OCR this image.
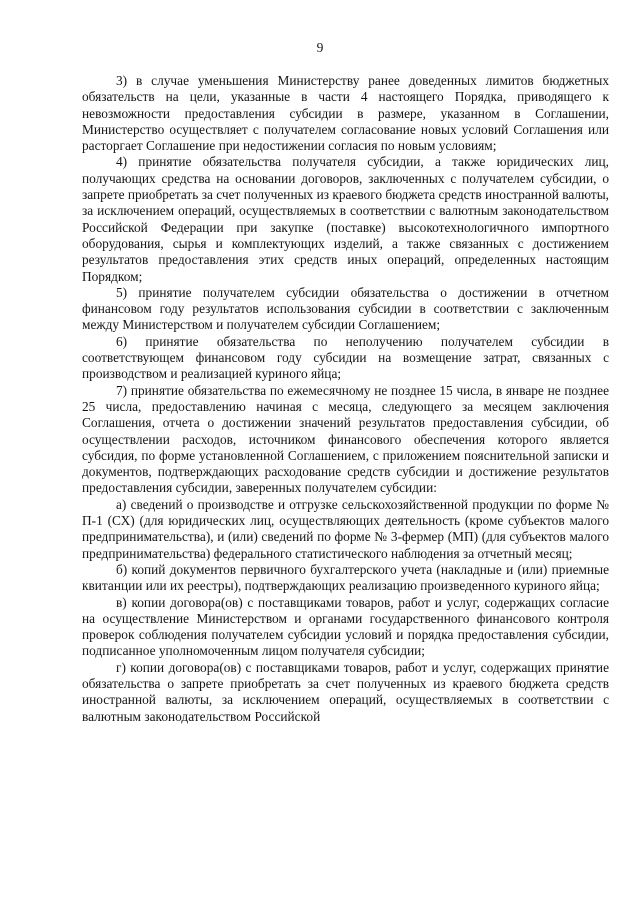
9

3) в случае уменьшения Министерству ранее доведенных лимитов бюджетных обязательств на цели, указанные в части 4 настоящего Порядка, приводящего к невозможности предоставления субсидии в размере, указанном в Соглашении, Министерство осуществляет с получателем согласование новых условий Соглашения или расторгает Соглашение при недостижении согласия по новым условиям;

4) принятие обязательства получателя субсидии, а также юридических лиц, получающих средства на основании договоров, заключенных с получателем субсидии, о запрете приобретать за счет полученных из краевого бюджета средств иностранной валюты, за исключением операций, осуществляемых в соответствии с валютным законодательством Российской Федерации при закупке (поставке) высокотехнологичного импортного оборудования, сырья и комплектующих изделий, а также связанных с достижением результатов предоставления этих средств иных операций, определенных настоящим Порядком;

5) принятие получателем субсидии обязательства о достижении в отчетном финансовом году результатов использования субсидии в соответствии с заключенным между Министерством и получателем субсидии Соглашением;

6) принятие обязательства по неполучению получателем субсидии в соответствующем финансовом году субсидии на возмещение затрат, связанных с производством и реализацией куриного яйца;

7) принятие обязательства по ежемесячному не позднее 15 числа, в январе не позднее 25 числа, предоставлению начиная с месяца, следующего за месяцем заключения Соглашения, отчета о достижении значений результатов предоставления субсидии, об осуществлении расходов, источником финансового обеспечения которого является субсидия, по форме установленной Соглашением, с приложением пояснительной записки и документов, подтверждающих расходование средств субсидии и достижение результатов предоставления субсидии, заверенных получателем субсидии:

а) сведений о производстве и отгрузке сельскохозяйственной продукции по форме № П-1 (СХ) (для юридических лиц, осуществляющих деятельность (кроме субъектов малого предпринимательства), и (или) сведений по форме № 3-фермер (МП) (для субъектов малого предпринимательства) федерального статистического наблюдения за отчетный месяц;

б) копий документов первичного бухгалтерского учета (накладные и (или) приемные квитанции или их реестры), подтверждающих реализацию произведенного куриного яйца;

в) копии договора(ов) с поставщиками товаров, работ и услуг, содержащих согласие на осуществление Министерством и органами государственного финансового контроля проверок соблюдения получателем субсидии условий и порядка предоставления субсидии, подписанное уполномоченным лицом получателя субсидии;

г) копии договора(ов) с поставщиками товаров, работ и услуг, содержащих принятие обязательства о запрете приобретать за счет полученных из краевого бюджета средств иностранной валюты, за исключением операций, осуществляемых в соответствии с валютным законодательством Российской
